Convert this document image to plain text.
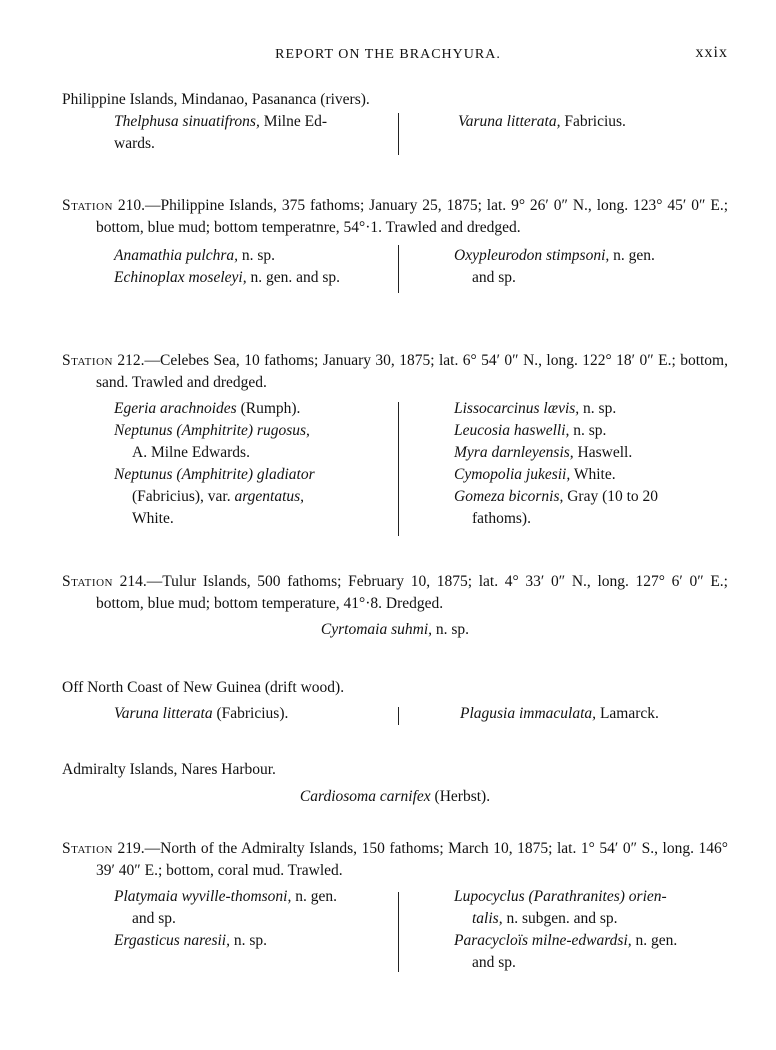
REPORT ON THE BRACHYURA.	xxix
Philippine Islands, Mindanao, Pasananca (rivers).
Thelphusa sinuatifrons, Milne Ed-
wards.
Varuna litterata, Fabricius.
Station 210.—Philippine Islands, 375 fathoms; January 25, 1875; lat. 9° 26′ 0″ N., long. 123° 45′ 0″ E.; bottom, blue mud; bottom temperatnre, 54°·1. Trawled and dredged.
Anamathia pulchra, n. sp.
Echinoplax moseleyi, n. gen. and sp.
Oxypleurodon stimpsoni, n. gen.
and sp.
Station 212.—Celebes Sea, 10 fathoms; January 30, 1875; lat. 6° 54′ 0″ N., long. 122° 18′ 0″ E.; bottom, sand. Trawled and dredged.
Egeria arachnoides (Rumph).
Neptunus (Amphitrite) rugosus,
A. Milne Edwards.
Neptunus (Amphitrite) gladiator
(Fabricius), var. argentatus,
White.
Lissocarcinus lævis, n. sp.
Leucosia haswelli, n. sp.
Myra darnleyensis, Haswell.
Cymopolia jukesii, White.
Gomeza bicornis, Gray (10 to 20
fathoms).
Station 214.—Tulur Islands, 500 fathoms; February 10, 1875; lat. 4° 33′ 0″ N., long. 127° 6′ 0″ E.; bottom, blue mud; bottom temperature, 41°·8. Dredged.
Cyrtomaia suhmi, n. sp.
Off North Coast of New Guinea (drift wood).
Varuna litterata (Fabricius).	Plagusia immaculata, Lamarck.
Admiralty Islands, Nares Harbour.
Cardiosoma carnifex (Herbst).
Station 219.—North of the Admiralty Islands, 150 fathoms; March 10, 1875; lat. 1° 54′ 0″ S., long. 146° 39′ 40″ E.; bottom, coral mud. Trawled.
Platymaia wyville-thomsoni, n. gen.
and sp.
Ergasticus naresii, n. sp.
Lupocyclus (Parathranites) orien-
talis, n. subgen. and sp.
Paracycloïs milne-edwardsi, n. gen.
and sp.
